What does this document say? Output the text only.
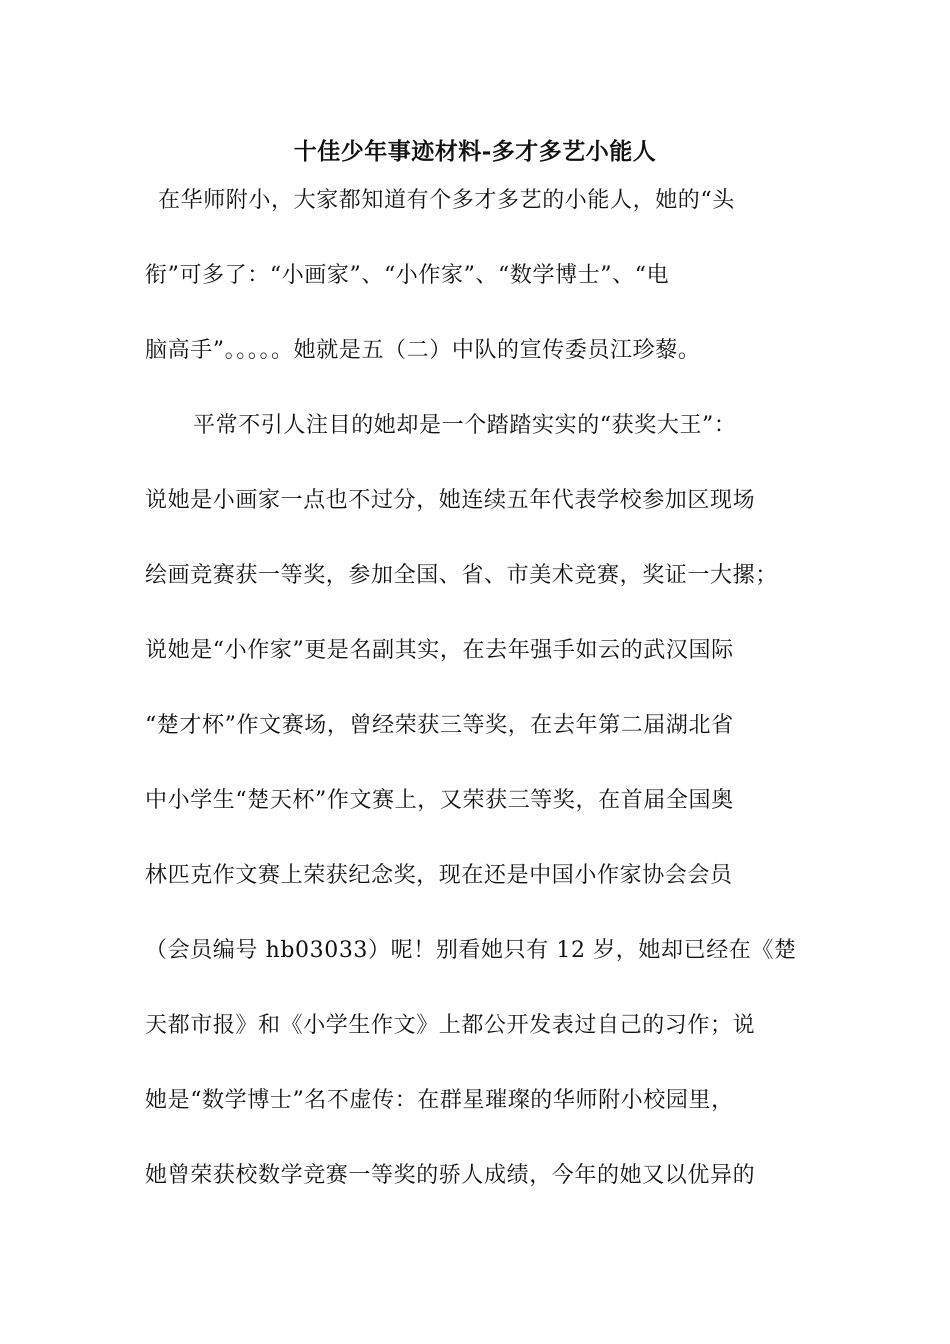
十佳少年事迹材料-多才多艺小能人
在华师附小，大家都知道有个多才多艺的小能人，她的“头
衔”可多了：“小画家”、“小作家”、“数学博士”、“电
脑高手”。。。。。她就是五（二）中队的宣传委员江珍藜。
平常不引人注目的她却是一个踏踏实实的“获奖大王”：
说她是小画家一点也不过分，她连续五年代表学校参加区现场
绘画竞赛获一等奖，参加全国、省、市美术竞赛，奖证一大摞；
说她是“小作家”更是名副其实，在去年强手如云的武汉国际
“楚才杯”作文赛场，曾经荣获三等奖，在去年第二届湖北省
中小学生“楚天杯”作文赛上，又荣获三等奖，在首届全国奥
林匹克作文赛上荣获纪念奖，现在还是中国小作家协会会员
（会员编号 hb03033）呢！别看她只有 12 岁，她却已经在《楚
天都市报》和《小学生作文》上都公开发表过自己的习作；说
她是“数学博士”名不虚传：在群星璀璨的华师附小校园里，
她曾荣获校数学竞赛一等奖的骄人成绩，今年的她又以优异的
